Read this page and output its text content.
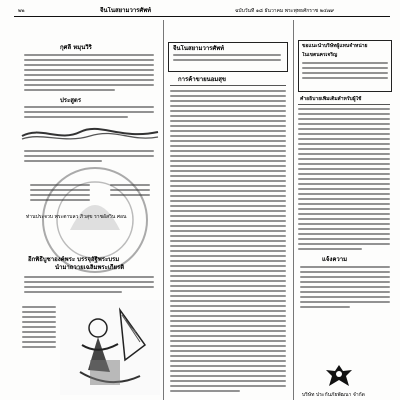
๒๒	จีนโนสยามวารศัพท์	ฉบับวันที่ ๑๘ ธันวาคม พระพุทธศักราช ๒๔๗๙
กุศลี หมุนวิริ
ประสูตร
ท่านประจวบ พระตาบลว ภิวสุข ราชอัสวิน ศอน
อีกพิธีบูชาองค์พระ บรรจุอัฐิพระบรม
นำมาถวายเฉลิมพระเกียรติ
จีนโนสยามวารศัพท์
การค้าขายนอมสุข
ขอแนะนำบริษัทผู้แทนจำหน่าย
ในเขตนครเจริญ
คำอธิบายเพิ่มเติมสำหรับผู้ใช้
แจ้งความ
บริษัท ประกันภัยพัฒนา จำกัด
